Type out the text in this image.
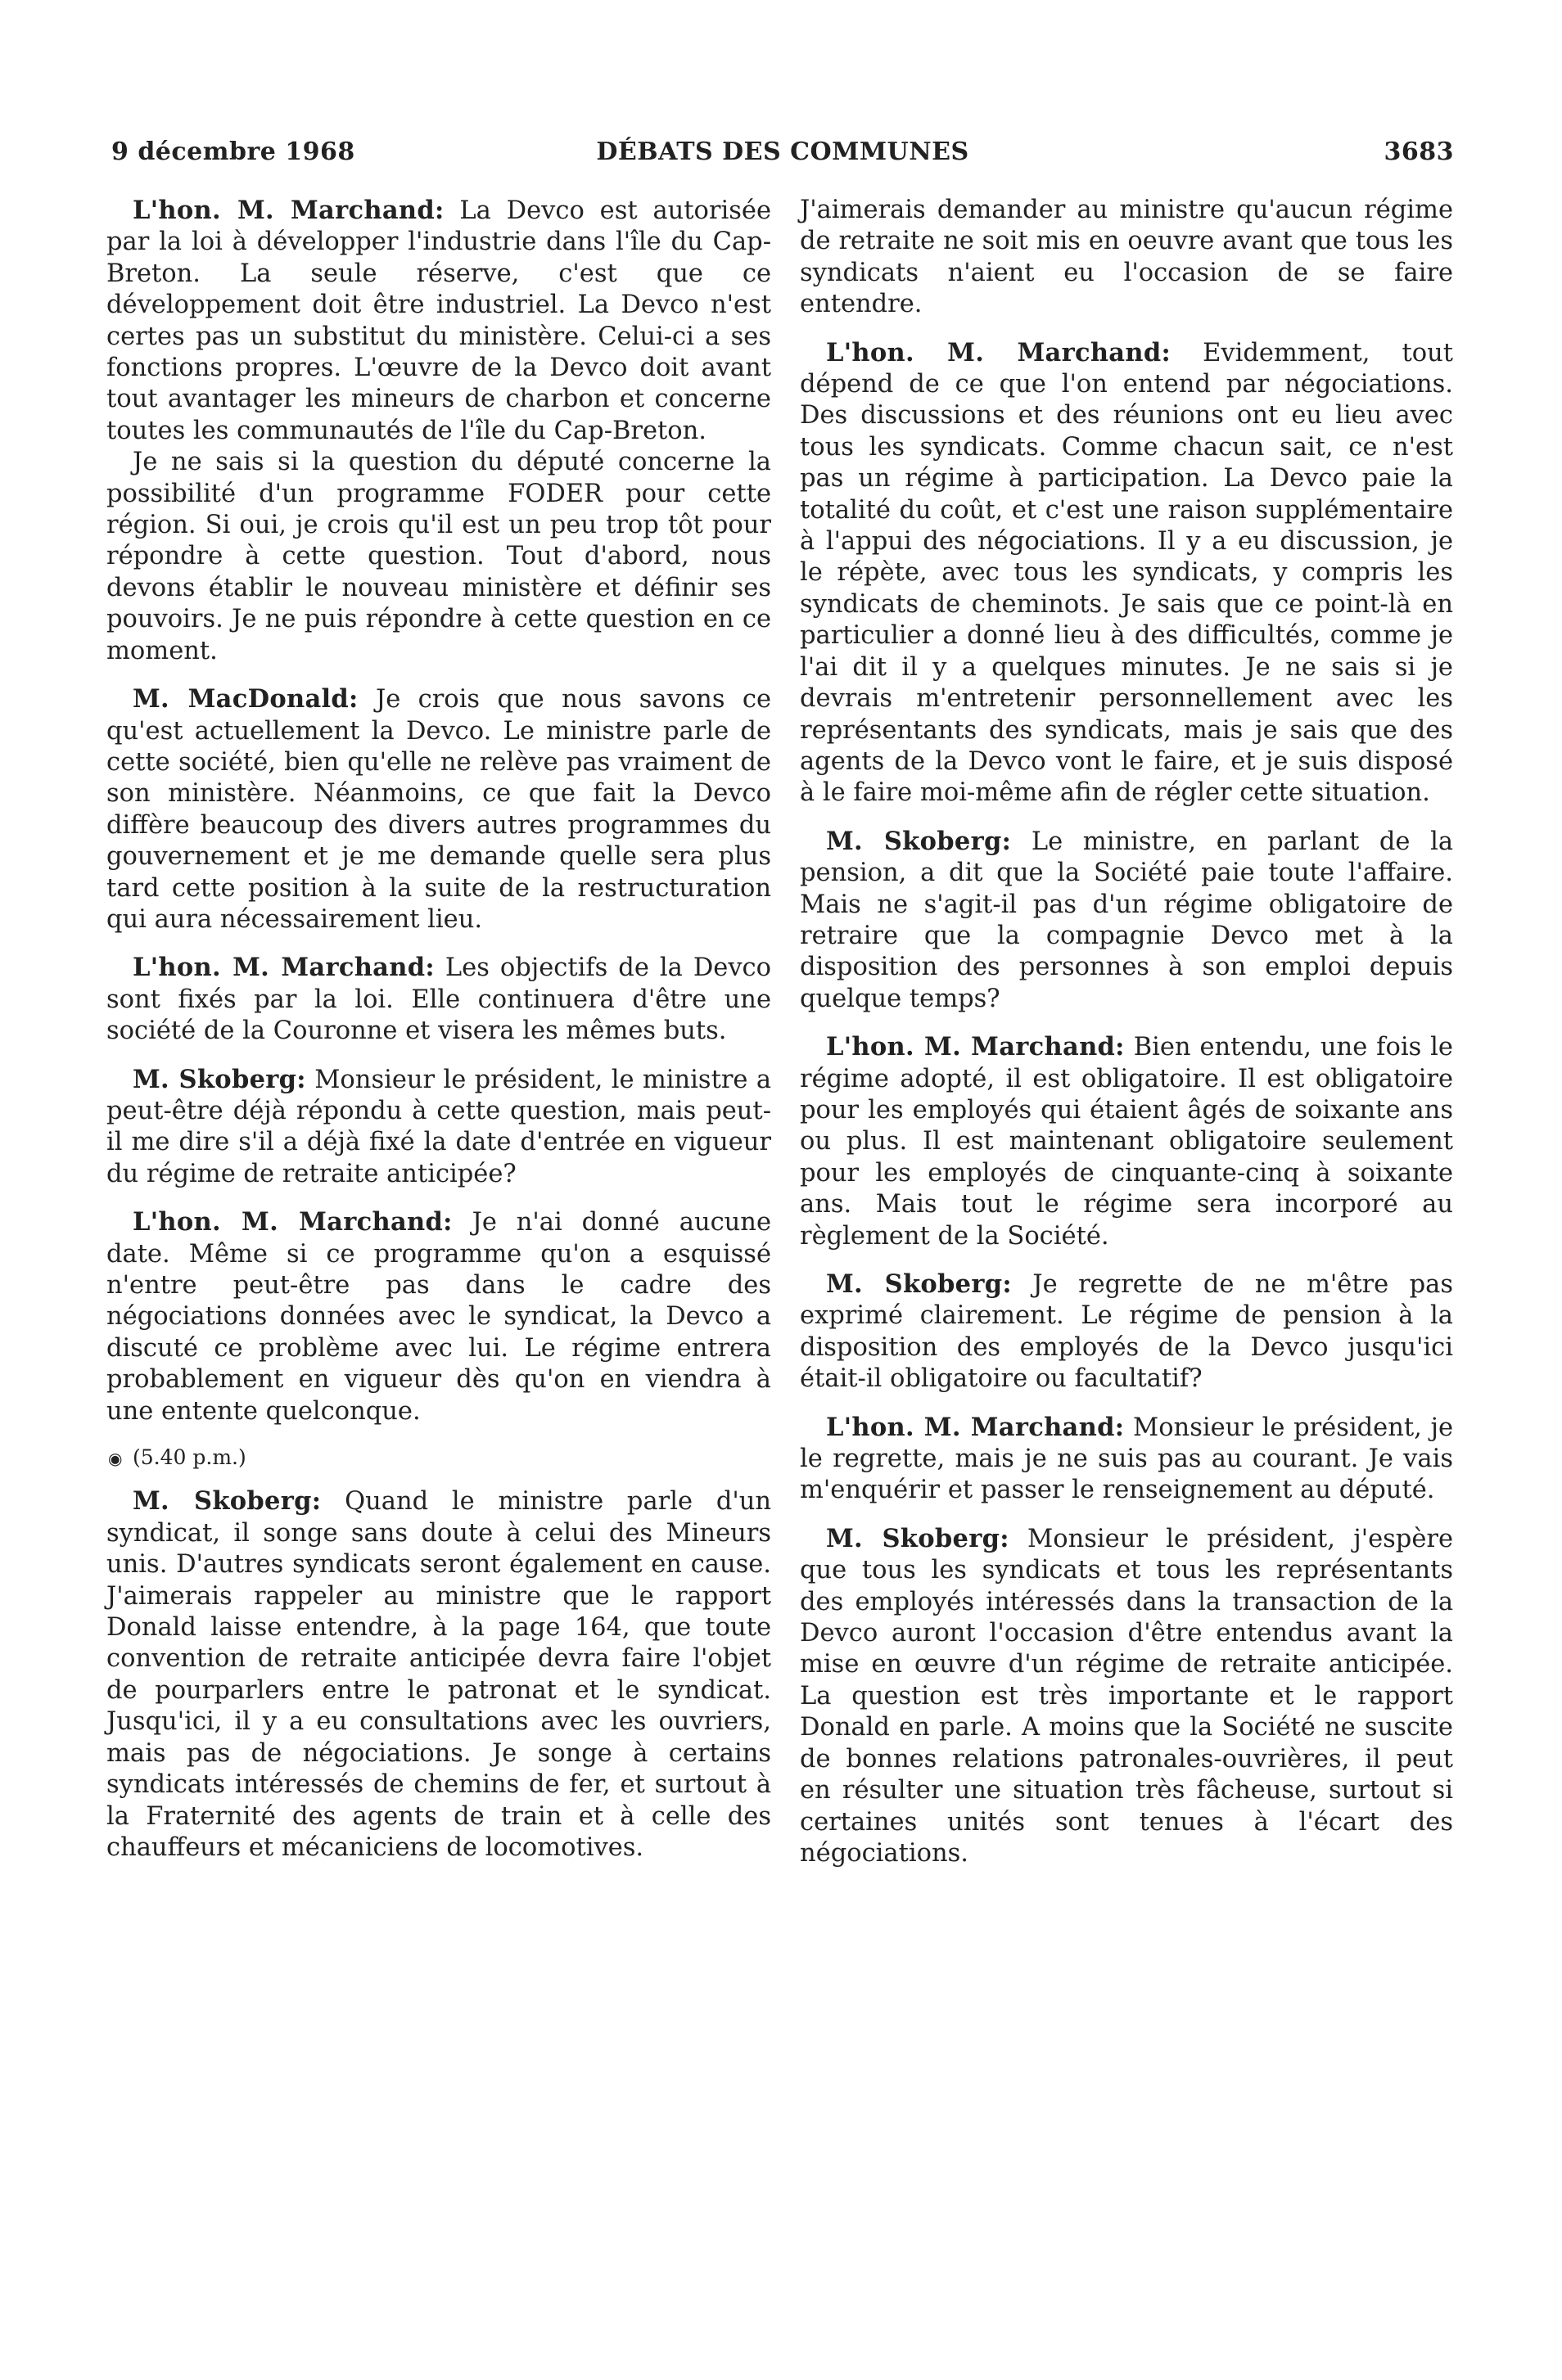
9 décembre 1968	DÉBATS DES COMMUNES	3683

L'hon. M. Marchand: La Devco est autorisée par la loi à développer l'industrie dans l'île du Cap-Breton. La seule réserve, c'est que ce développement doit être industriel. La Devco n'est certes pas un substitut du ministère. Celui-ci a ses fonctions propres. L'œuvre de la Devco doit avant tout avantager les mineurs de charbon et concerne toutes les communautés de l'île du Cap-Breton.

Je ne sais si la question du député concerne la possibilité d'un programme FODER pour cette région. Si oui, je crois qu'il est un peu trop tôt pour répondre à cette question. Tout d'abord, nous devons établir le nouveau ministère et définir ses pouvoirs. Je ne puis répondre à cette question en ce moment.

M. MacDonald: Je crois que nous savons ce qu'est actuellement la Devco. Le ministre parle de cette société, bien qu'elle ne relève pas vraiment de son ministère. Néanmoins, ce que fait la Devco diffère beaucoup des divers autres programmes du gouvernement et je me demande quelle sera plus tard cette position à la suite de la restructuration qui aura nécessairement lieu.

L'hon. M. Marchand: Les objectifs de la Devco sont fixés par la loi. Elle continuera d'être une société de la Couronne et visera les mêmes buts.

M. Skoberg: Monsieur le président, le ministre a peut-être déjà répondu à cette question, mais peut-il me dire s'il a déjà fixé la date d'entrée en vigueur du régime de retraite anticipée?

L'hon. M. Marchand: Je n'ai donné aucune date. Même si ce programme qu'on a esquissé n'entre peut-être pas dans le cadre des négociations données avec le syndicat, la Devco a discuté ce problème avec lui. Le régime entrera probablement en vigueur dès qu'on en viendra à une entente quelconque.

◉ (5.40 p.m.)

M. Skoberg: Quand le ministre parle d'un syndicat, il songe sans doute à celui des Mineurs unis. D'autres syndicats seront également en cause. J'aimerais rappeler au ministre que le rapport Donald laisse entendre, à la page 164, que toute convention de retraite anticipée devra faire l'objet de pourparlers entre le patronat et le syndicat. Jusqu'ici, il y a eu consultations avec les ouvriers, mais pas de négociations. Je songe à certains syndicats intéressés de chemins de fer, et surtout à la Fraternité des agents de train et à celle des chauffeurs et mécaniciens de locomotives.

J'aimerais demander au ministre qu'aucun régime de retraite ne soit mis en oeuvre avant que tous les syndicats n'aient eu l'occasion de se faire entendre.

L'hon. M. Marchand: Evidemment, tout dépend de ce que l'on entend par négociations. Des discussions et des réunions ont eu lieu avec tous les syndicats. Comme chacun sait, ce n'est pas un régime à participation. La Devco paie la totalité du coût, et c'est une raison supplémentaire à l'appui des négociations. Il y a eu discussion, je le répète, avec tous les syndicats, y compris les syndicats de cheminots. Je sais que ce point-là en particulier a donné lieu à des difficultés, comme je l'ai dit il y a quelques minutes. Je ne sais si je devrais m'entretenir personnellement avec les représentants des syndicats, mais je sais que des agents de la Devco vont le faire, et je suis disposé à le faire moi-même afin de régler cette situation.

M. Skoberg: Le ministre, en parlant de la pension, a dit que la Société paie toute l'affaire. Mais ne s'agit-il pas d'un régime obligatoire de retraire que la compagnie Devco met à la disposition des personnes à son emploi depuis quelque temps?

L'hon. M. Marchand: Bien entendu, une fois le régime adopté, il est obligatoire. Il est obligatoire pour les employés qui étaient âgés de soixante ans ou plus. Il est maintenant obligatoire seulement pour les employés de cinquante-cinq à soixante ans. Mais tout le régime sera incorporé au règlement de la Société.

M. Skoberg: Je regrette de ne m'être pas exprimé clairement. Le régime de pension à la disposition des employés de la Devco jusqu'ici était-il obligatoire ou facultatif?

L'hon. M. Marchand: Monsieur le président, je le regrette, mais je ne suis pas au courant. Je vais m'enquérir et passer le renseignement au député.

M. Skoberg: Monsieur le président, j'espère que tous les syndicats et tous les représentants des employés intéressés dans la transaction de la Devco auront l'occasion d'être entendus avant la mise en œuvre d'un régime de retraite anticipée. La question est très importante et le rapport Donald en parle. A moins que la Société ne suscite de bonnes relations patronales-ouvrières, il peut en résulter une situation très fâcheuse, surtout si certaines unités sont tenues à l'écart des négociations.
